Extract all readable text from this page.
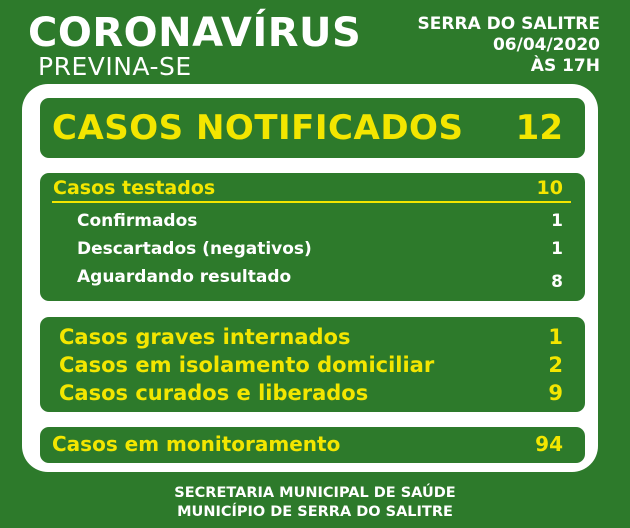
CORONAVÍRUS
PREVINA-SE
SERRA DO SALITRE
06/04/2020
ÀS 17H
CASOS NOTIFICADOS 12
Casos testados	10
Confirmados	1
Descartados (negativos)	1
Aguardando resultado	8
Casos graves internados	1
Casos em isolamento domiciliar	2
Casos curados e liberados	9
Casos em monitoramento	94
SECRETARIA MUNICIPAL DE SAÚDE
MUNICÍPIO DE SERRA DO SALITRE
